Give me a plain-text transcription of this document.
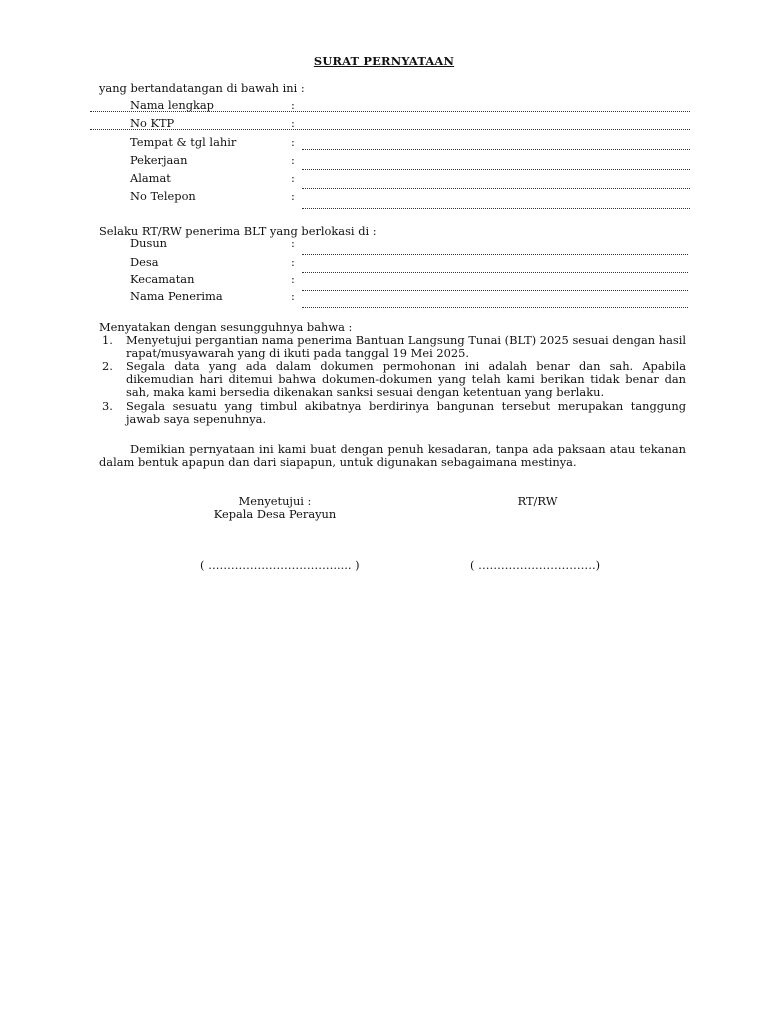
SURAT PERNYATAAN
yang bertandatangan di bawah ini :
Nama lengkap	:
No KTP	:
Tempat & tgl lahir	:
Pekerjaan	:
Alamat	:
No Telepon	:
Selaku RT/RW penerima BLT yang berlokasi di :
Dusun	:
Desa	:
Kecamatan	:
Nama Penerima	:
Menyatakan dengan sesungguhnya bahwa :
1. Menyetujui pergantian nama penerima Bantuan Langsung Tunai (BLT) 2025 sesuai dengan hasil rapat/musyawarah yang di ikuti pada tanggal 19 Mei 2025.
2. Segala data yang ada dalam dokumen permohonan ini adalah benar dan sah. Apabila dikemudian hari ditemui bahwa dokumen-dokumen yang telah kami berikan tidak benar dan sah, maka kami bersedia dikenakan sanksi sesuai dengan ketentuan yang berlaku.
3. Segala sesuatu yang timbul akibatnya berdirinya bangunan tersebut merupakan tanggung jawab saya sepenuhnya.
Demikian pernyataan ini kami buat dengan penuh kesadaran, tanpa ada paksaan atau tekanan dalam bentuk apapun dan dari siapapun, untuk digunakan sebagaimana mestinya.
Menyetujui :
Kepala Desa Perayun
RT/RW
( ……………………………..... )	( ………………………….)
